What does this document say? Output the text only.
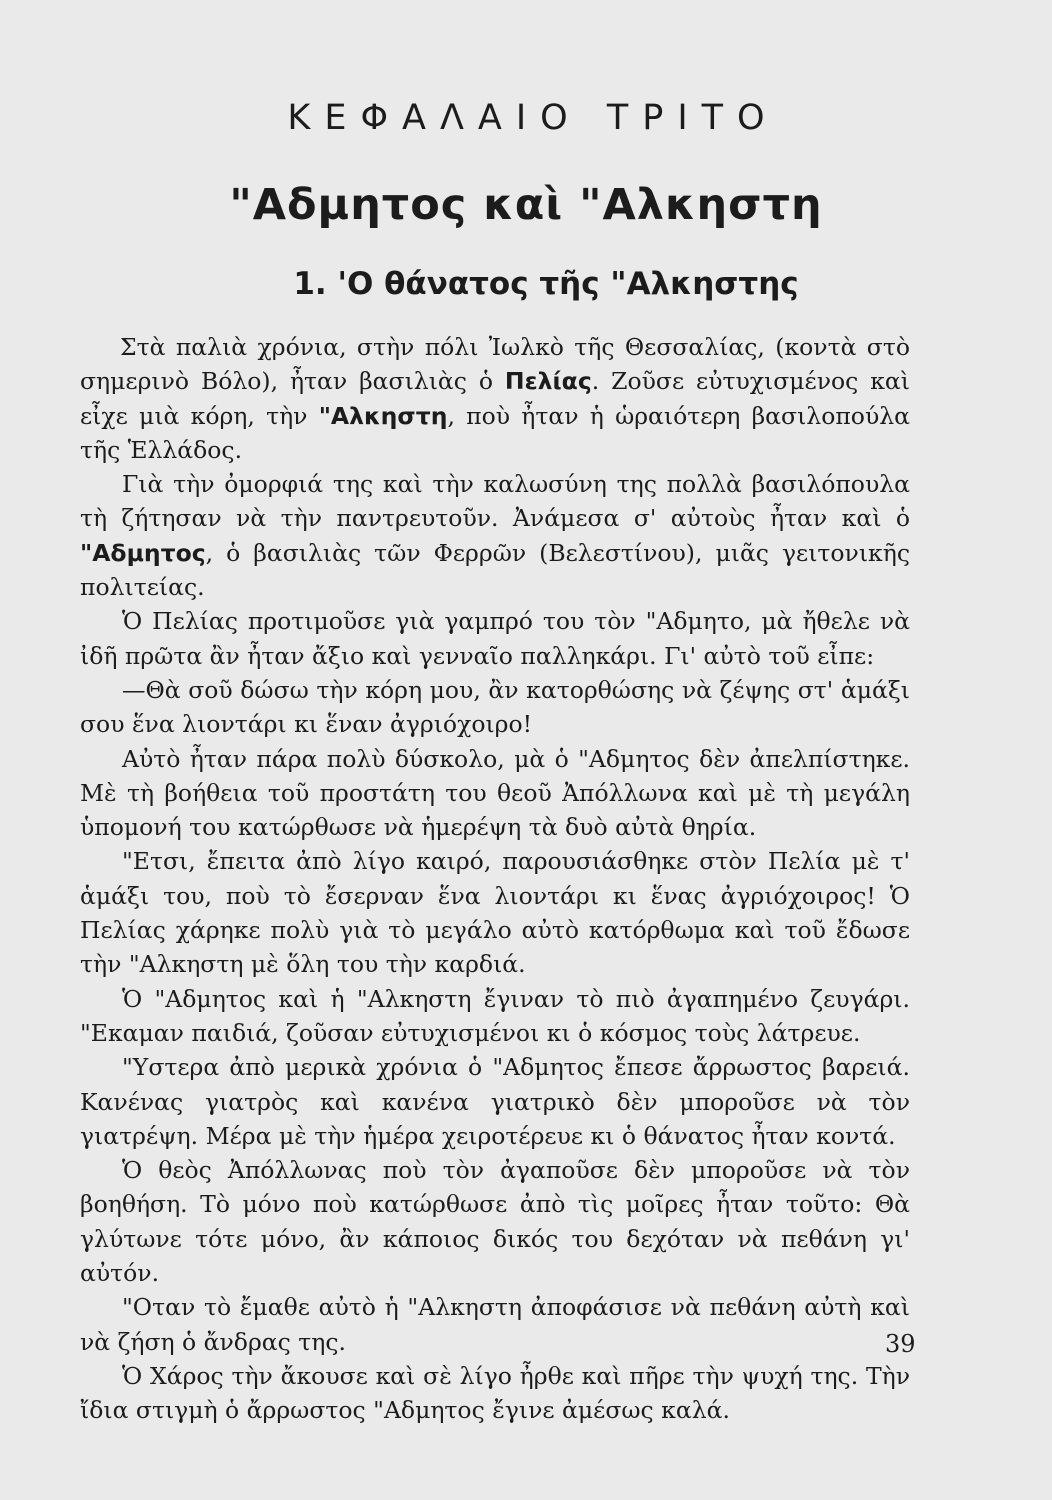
ΚΕΦΑΛΑΙΟ ΤΡΙΤΟ
"Αδμητος καὶ "Αλκηστη
1. 'Ο θάνατος τῆς "Αλκηστης

Στὰ παλιὰ χρόνια, στὴν πόλι Ἰωλκὸ τῆς Θεσσαλίας, (κοντὰ στὸ σημερινὸ Βόλο), ἦταν βασιλιὰς ὁ Πελίας. Ζοῦσε εὐτυχισμένος καὶ εἶχε μιὰ κόρη, τὴν "Αλκηστη, ποὺ ἦταν ἡ ὡραιότερη βασιλοπούλα τῆς Ἑλλάδος.

Γιὰ τὴν ὀμορφιά της καὶ τὴν καλωσύνη της πολλὰ βασιλόπουλα τὴ ζήτησαν νὰ τὴν παντρευτοῦν. Ἀνάμεσα σ' αὐτοὺς ἦταν καὶ ὁ "Αδμητος, ὁ βασιλιὰς τῶν Φερρῶν (Βελεστίνου), μιᾶς γειτονικῆς πολιτείας.

Ὁ Πελίας προτιμοῦσε γιὰ γαμπρό του τὸν "Αδμητο, μὰ ἤθελε νὰ ἰδῆ πρῶτα ἂν ἦταν ἄξιο καὶ γενναῖο παλληκάρι. Γι' αὐτὸ τοῦ εἶπε:

—Θὰ σοῦ δώσω τὴν κόρη μου, ἂν κατορθώσης νὰ ζέψης στ' ἁμάξι σου ἕνα λιοντάρι κι ἕναν ἀγριόχοιρο!

Αὐτὸ ἦταν πάρα πολὺ δύσκολο, μὰ ὁ "Αδμητος δὲν ἀπελπίστηκε. Μὲ τὴ βοήθεια τοῦ προστάτη του θεοῦ Ἀπόλλωνα καὶ μὲ τὴ μεγάλη ὑπομονή του κατώρθωσε νὰ ἡμερέψη τὰ δυὸ αὐτὰ θηρία.

"Ετσι, ἔπειτα ἀπὸ λίγο καιρό, παρουσιάσθηκε στὸν Πελία μὲ τ' ἁμάξι του, ποὺ τὸ ἔσερναν ἕνα λιοντάρι κι ἕνας ἀγριόχοιρος! Ὁ Πελίας χάρηκε πολὺ γιὰ τὸ μεγάλο αὐτὸ κατόρθωμα καὶ τοῦ ἔδωσε τὴν "Αλκηστη μὲ ὅλη του τὴν καρδιά.

Ὁ "Αδμητος καὶ ἡ "Αλκηστη ἔγιναν τὸ πιὸ ἀγαπημένο ζευγάρι. "Εκαμαν παιδιά, ζοῦσαν εὐτυχισμένοι κι ὁ κόσμος τοὺς λάτρευε.

"Υστερα ἀπὸ μερικὰ χρόνια ὁ "Αδμητος ἔπεσε ἄρρωστος βαρειά. Κανένας γιατρὸς καὶ κανένα γιατρικὸ δὲν μποροῦσε νὰ τὸν γιατρέψη. Μέρα μὲ τὴν ἡμέρα χειροτέρευε κι ὁ θάνατος ἦταν κοντά.

Ὁ θεὸς Ἀπόλλωνας ποὺ τὸν ἀγαποῦσε δὲν μποροῦσε νὰ τὸν βοηθήση. Τὸ μόνο ποὺ κατώρθωσε ἀπὸ τὶς μοῖρες ἦταν τοῦτο: Θὰ γλύτωνε τότε μόνο, ἂν κάποιος δικός του δεχόταν νὰ πεθάνη γι' αὐτόν.

"Οταν τὸ ἔμαθε αὐτὸ ἡ "Αλκηστη ἀποφάσισε νὰ πεθάνη αὐτὴ καὶ νὰ ζήση ὁ ἄνδρας της.

Ὁ Χάρος τὴν ἄκουσε καὶ σὲ λίγο ἦρθε καὶ πῆρε τὴν ψυχή της. Τὴν ἴδια στιγμὴ ὁ ἄρρωστος "Αδμητος ἔγινε ἀμέσως καλά.

39
